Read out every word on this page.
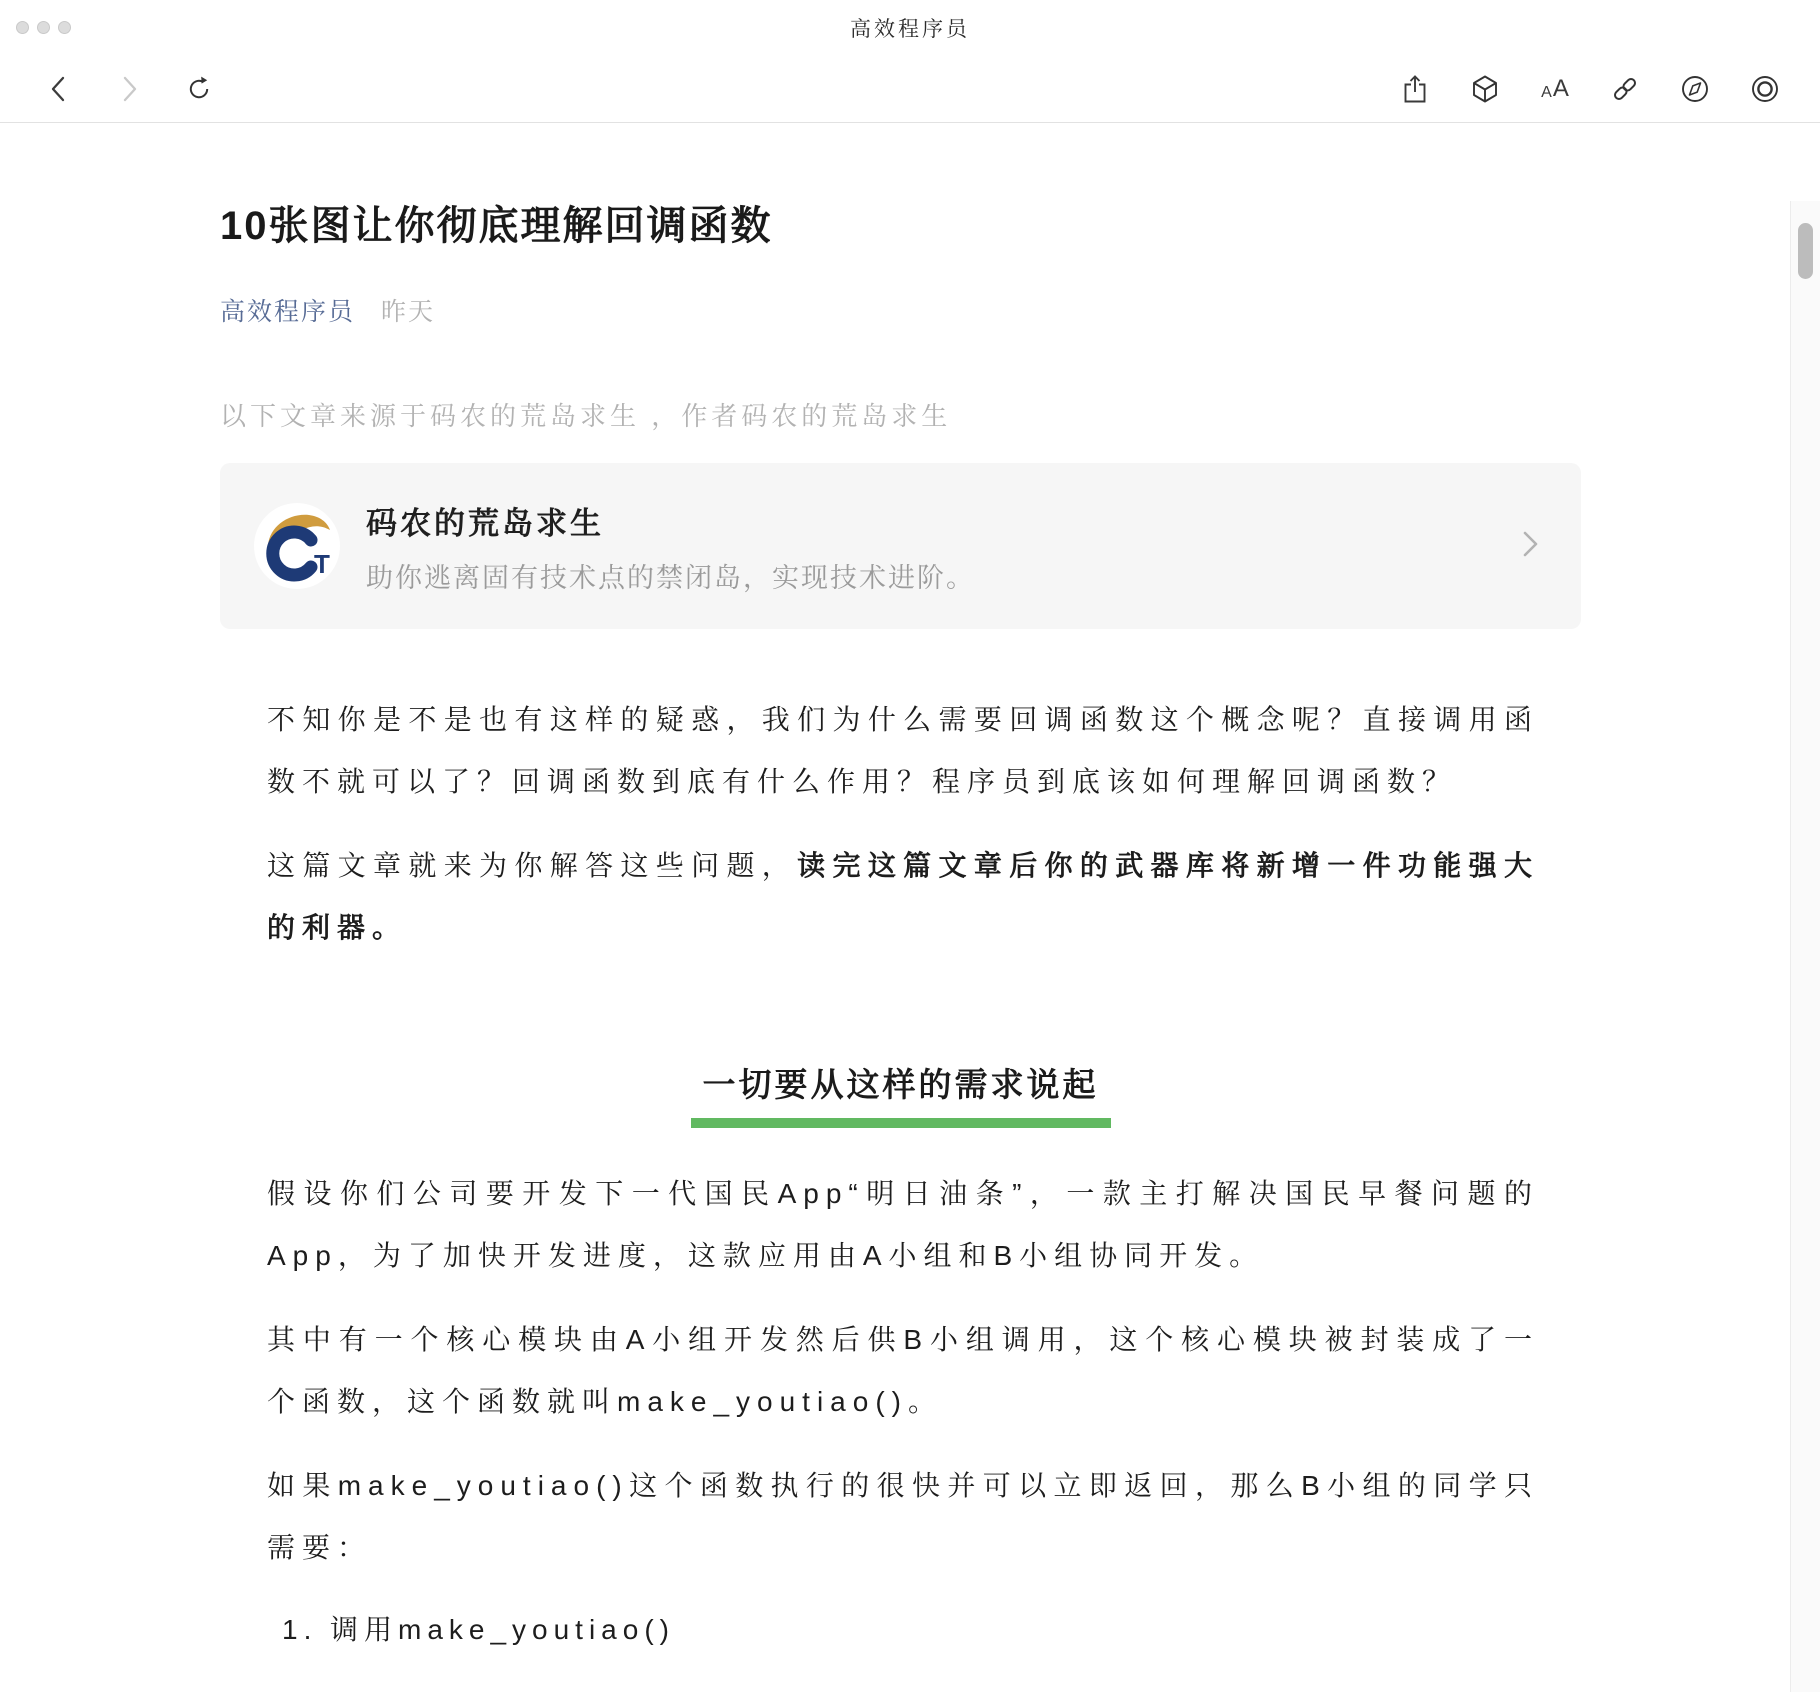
高效程序员
A A
10张图让你彻底理解回调函数
高效程序员 昨天
以下文章来源于码农的荒岛求生 ，作者码农的荒岛求生
T
码农的荒岛求生
助你逃离固有技术点的禁闭岛，实现技术进阶。

不知你是不是也有这样的疑惑，我们为什么需要回调函数这个概念呢？直接调用函数不就可以了？回调函数到底有什么作用？程序员到底该如何理解回调函数？

这篇文章就来为你解答这些问题，读完这篇文章后你的武器库将新增一件功能强大的利器。

一切要从这样的需求说起

假设你们公司要开发下一代国民App“明日油条”，一款主打解决国民早餐问题的App，为了加快开发进度，这款应用由A小组和B小组协同开发。

其中有一个核心模块由A小组开发然后供B小组调用，这个核心模块被封装成了一个函数，这个函数就叫make_youtiao()。

如果make_youtiao()这个函数执行的很快并可以立即返回，那么B小组的同学只需要：

1. 调用make_youtiao()
